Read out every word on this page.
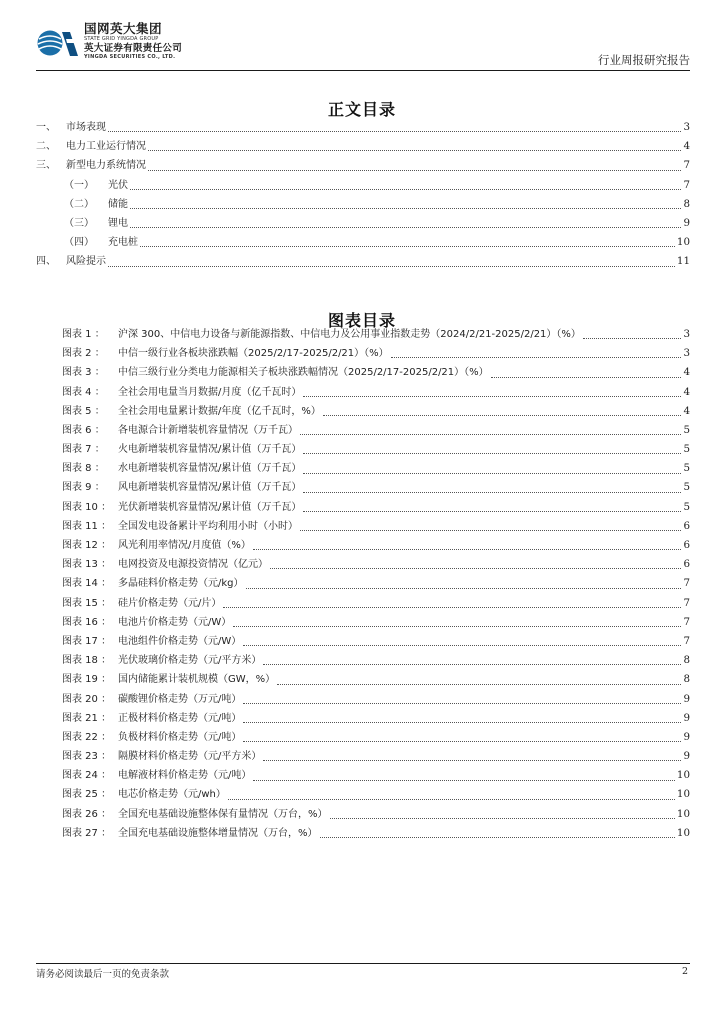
国网英大集团
STATE GRID YINGDA GROUP
英大证券有限责任公司
YINGDA SECURITIES CO., LTD.	行业周报研究报告
正文目录
一、	市场表现	3
二、	电力工业运行情况	4
三、	新型电力系统情况	7
（一）	光伏	7
（二）	储能	8
（三）	锂电	9
（四）	充电桩	10
四、	风险提示	11
图表目录
图表 1 ：	沪深 300、中信电力设备与新能源指数、中信电力及公用事业指数走势（2024/2/21-2025/2/21）（%）	3
图表 2 ：	中信一级行业各板块涨跌幅（2025/2/17-2025/2/21）（%）	3
图表 3 ：	中信三级行业分类电力能源相关子板块涨跌幅情况（2025/2/17-2025/2/21）（%）	4
图表 4 ：	全社会用电量当月数据/月度（亿千瓦时）	4
图表 5 ：	全社会用电量累计数据/年度（亿千瓦时，%）	4
图表 6 ：	各电源合计新增装机容量情况（万千瓦）	5
图表 7 ：	火电新增装机容量情况/累计值（万千瓦）	5
图表 8 ：	水电新增装机容量情况/累计值（万千瓦）	5
图表 9 ：	风电新增装机容量情况/累计值（万千瓦）	5
图表 10 ： 光伏新增装机容量情况/累计值（万千瓦）	5
图表 11 ： 全国发电设备累计平均利用小时（小时）	6
图表 12 ： 风光利用率情况/月度值（%）	6
图表 13 ： 电网投资及电源投资情况（亿元）	6
图表 14 ： 多晶硅料价格走势（元/kg）	7
图表 15 ： 硅片价格走势（元/片）	7
图表 16 ： 电池片价格走势（元/W）	7
图表 17 ： 电池组件价格走势（元/W）	7
图表 18 ： 光伏玻璃价格走势（元/平方米）	8
图表 19 ： 国内储能累计装机规模（GW，%）	8
图表 20 ： 碳酸锂价格走势（万元/吨）	9
图表 21 ： 正极材料价格走势（元/吨）	9
图表 22 ： 负极材料价格走势（元/吨）	9
图表 23 ： 隔膜材料价格走势（元/平方米）	9
图表 24 ： 电解液材料价格走势（元/吨）	10
图表 25 ： 电芯价格走势（元/wh）	10
图表 26 ： 全国充电基础设施整体保有量情况（万台，%）	10
图表 27 ： 全国充电基础设施整体增量情况（万台，%）	10
请务必阅读最后一页的免责条款	2
